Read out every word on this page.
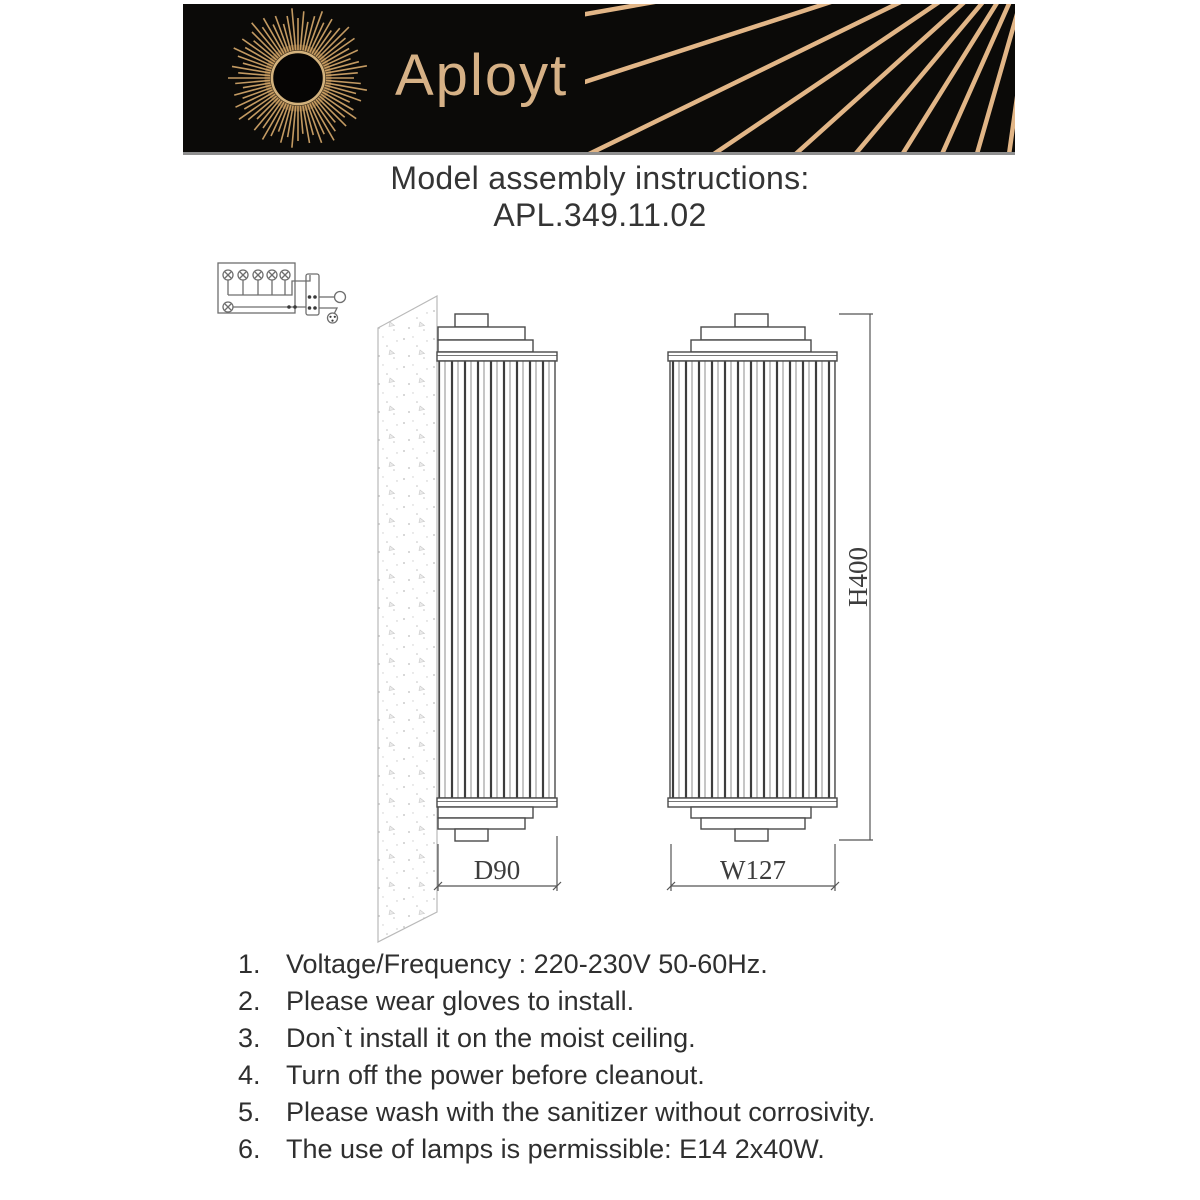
Aployt
Model assembly instructions:
APL.349.11.02
D90	W127
H400
1. Voltage/Frequency : 220-230V 50-60Hz.
2. Please wear gloves to install.
3. Don`t install it on the moist ceiling.
4. Turn off the power before cleanout.
5. Please wash with the sanitizer without corrosivity.
6. The use of lamps is permissible: E14 2x40W.
